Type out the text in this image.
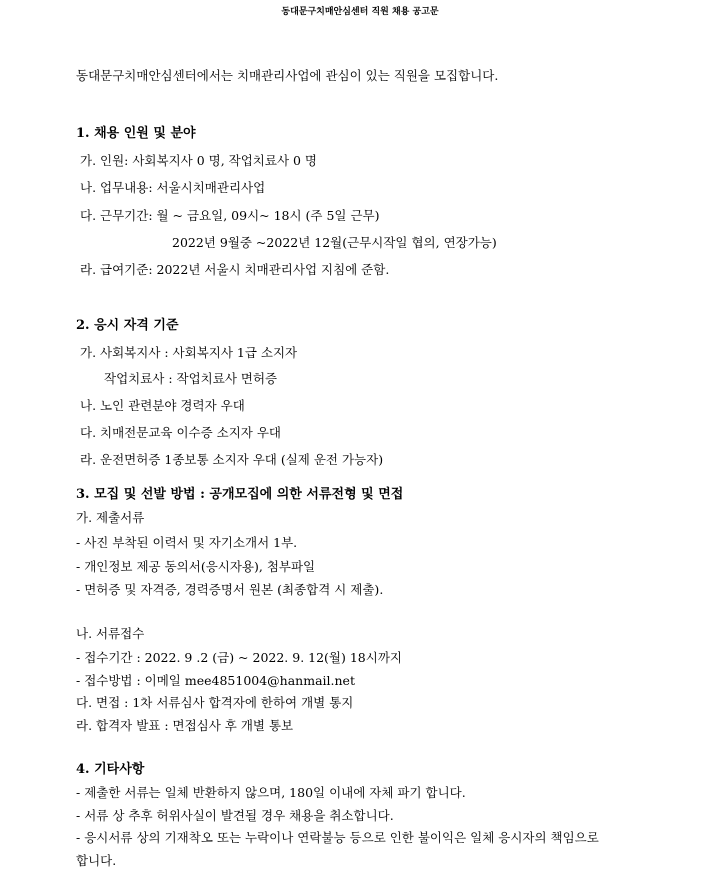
동대문구치매안심센터 직원 채용 공고문
동대문구치매안심센터에서는 치매관리사업에 관심이 있는 직원을 모집합니다.
1. 채용 인원 및 분야
가. 인원: 사회복지사 0 명, 작업치료사 0 명
나. 업무내용: 서울시치매관리사업
다. 근무기간: 월 ~ 금요일, 09시~ 18시 (주 5일 근무)
2022년 9월중 ~2022년 12월(근무시작일 협의, 연장가능)
라. 급여기준: 2022년 서울시 치매관리사업 지침에 준함.
2. 응시 자격 기준
가. 사회복지사 : 사회복지사 1급 소지자
작업치료사 : 작업치료사 면허증
나. 노인 관련분야 경력자 우대
다. 치매전문교육 이수증 소지자 우대
라. 운전면허증 1종보통 소지자 우대 (실제 운전 가능자)
3. 모집 및 선발 방법 : 공개모집에 의한 서류전형 및 면접
가. 제출서류
- 사진 부착된 이력서 및 자기소개서 1부.
- 개인정보 제공 동의서(응시자용), 첨부파일
- 면허증 및 자격증, 경력증명서 원본 (최종합격 시 제출).
나. 서류접수
- 접수기간 : 2022. 9 .2 (금) ~ 2022. 9. 12(월) 18시까지
- 접수방법 : 이메일 mee4851004@hanmail.net
다. 면접 : 1차 서류심사 합격자에 한하여 개별 통지
라. 합격자 발표 : 면접심사 후 개별 통보
4. 기타사항
- 제출한 서류는 일체 반환하지 않으며, 180일 이내에 자체 파기 합니다.
- 서류 상 추후 허위사실이 발견될 경우 채용을 취소합니다.
- 응시서류 상의 기재착오 또는 누락이나 연락불능 등으로 인한 불이익은 일체 응시자의 책임으로
합니다.
